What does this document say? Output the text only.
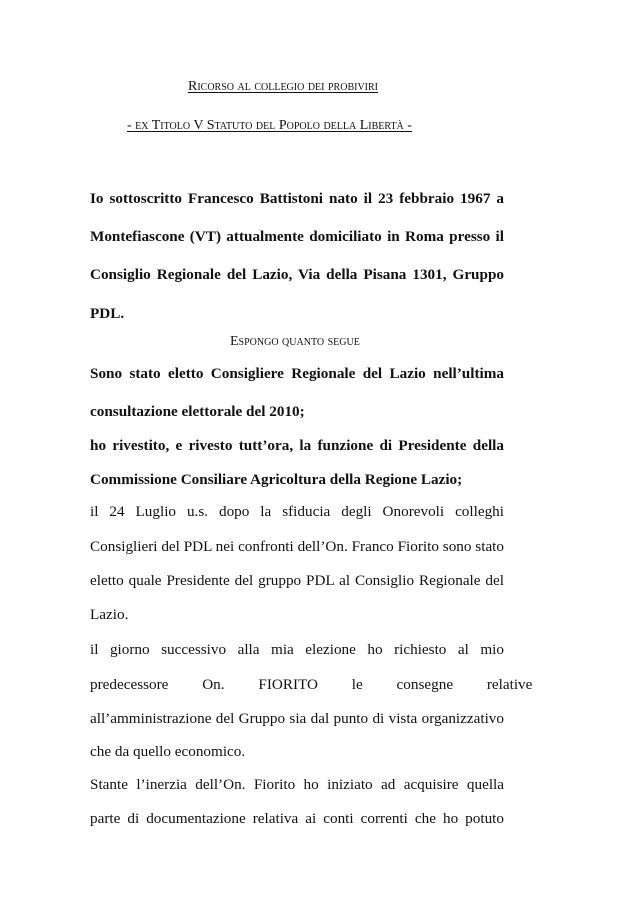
Ricorso al collegio dei probiviri
- ex Titolo V Statuto del Popolo della Libertà -
Io sottoscritto Francesco Battistoni nato il 23 febbraio 1967 a
Montefiascone (VT) attualmente domiciliato in Roma presso il
Consiglio Regionale del Lazio, Via della Pisana 1301, Gruppo
PDL.
Espongo quanto segue
Sono stato eletto Consigliere Regionale del Lazio nell’ultima
consultazione elettorale del 2010;
ho rivestito, e rivesto tutt’ora, la funzione di Presidente della
Commissione Consiliare Agricoltura della Regione Lazio;
il 24 Luglio u.s. dopo la sfiducia degli Onorevoli colleghi
Consiglieri del PDL nei confronti dell’On. Franco Fiorito sono stato
eletto quale Presidente del gruppo PDL al Consiglio Regionale del
Lazio.
il giorno successivo alla mia elezione ho richiesto al mio
predecessore On. FIORITO le consegne relative
all’amministrazione del Gruppo sia dal punto di vista organizzativo
che da quello economico.
Stante l’inerzia dell’On. Fiorito ho iniziato ad acquisire quella
parte di documentazione relativa ai conti correnti che ho potuto
